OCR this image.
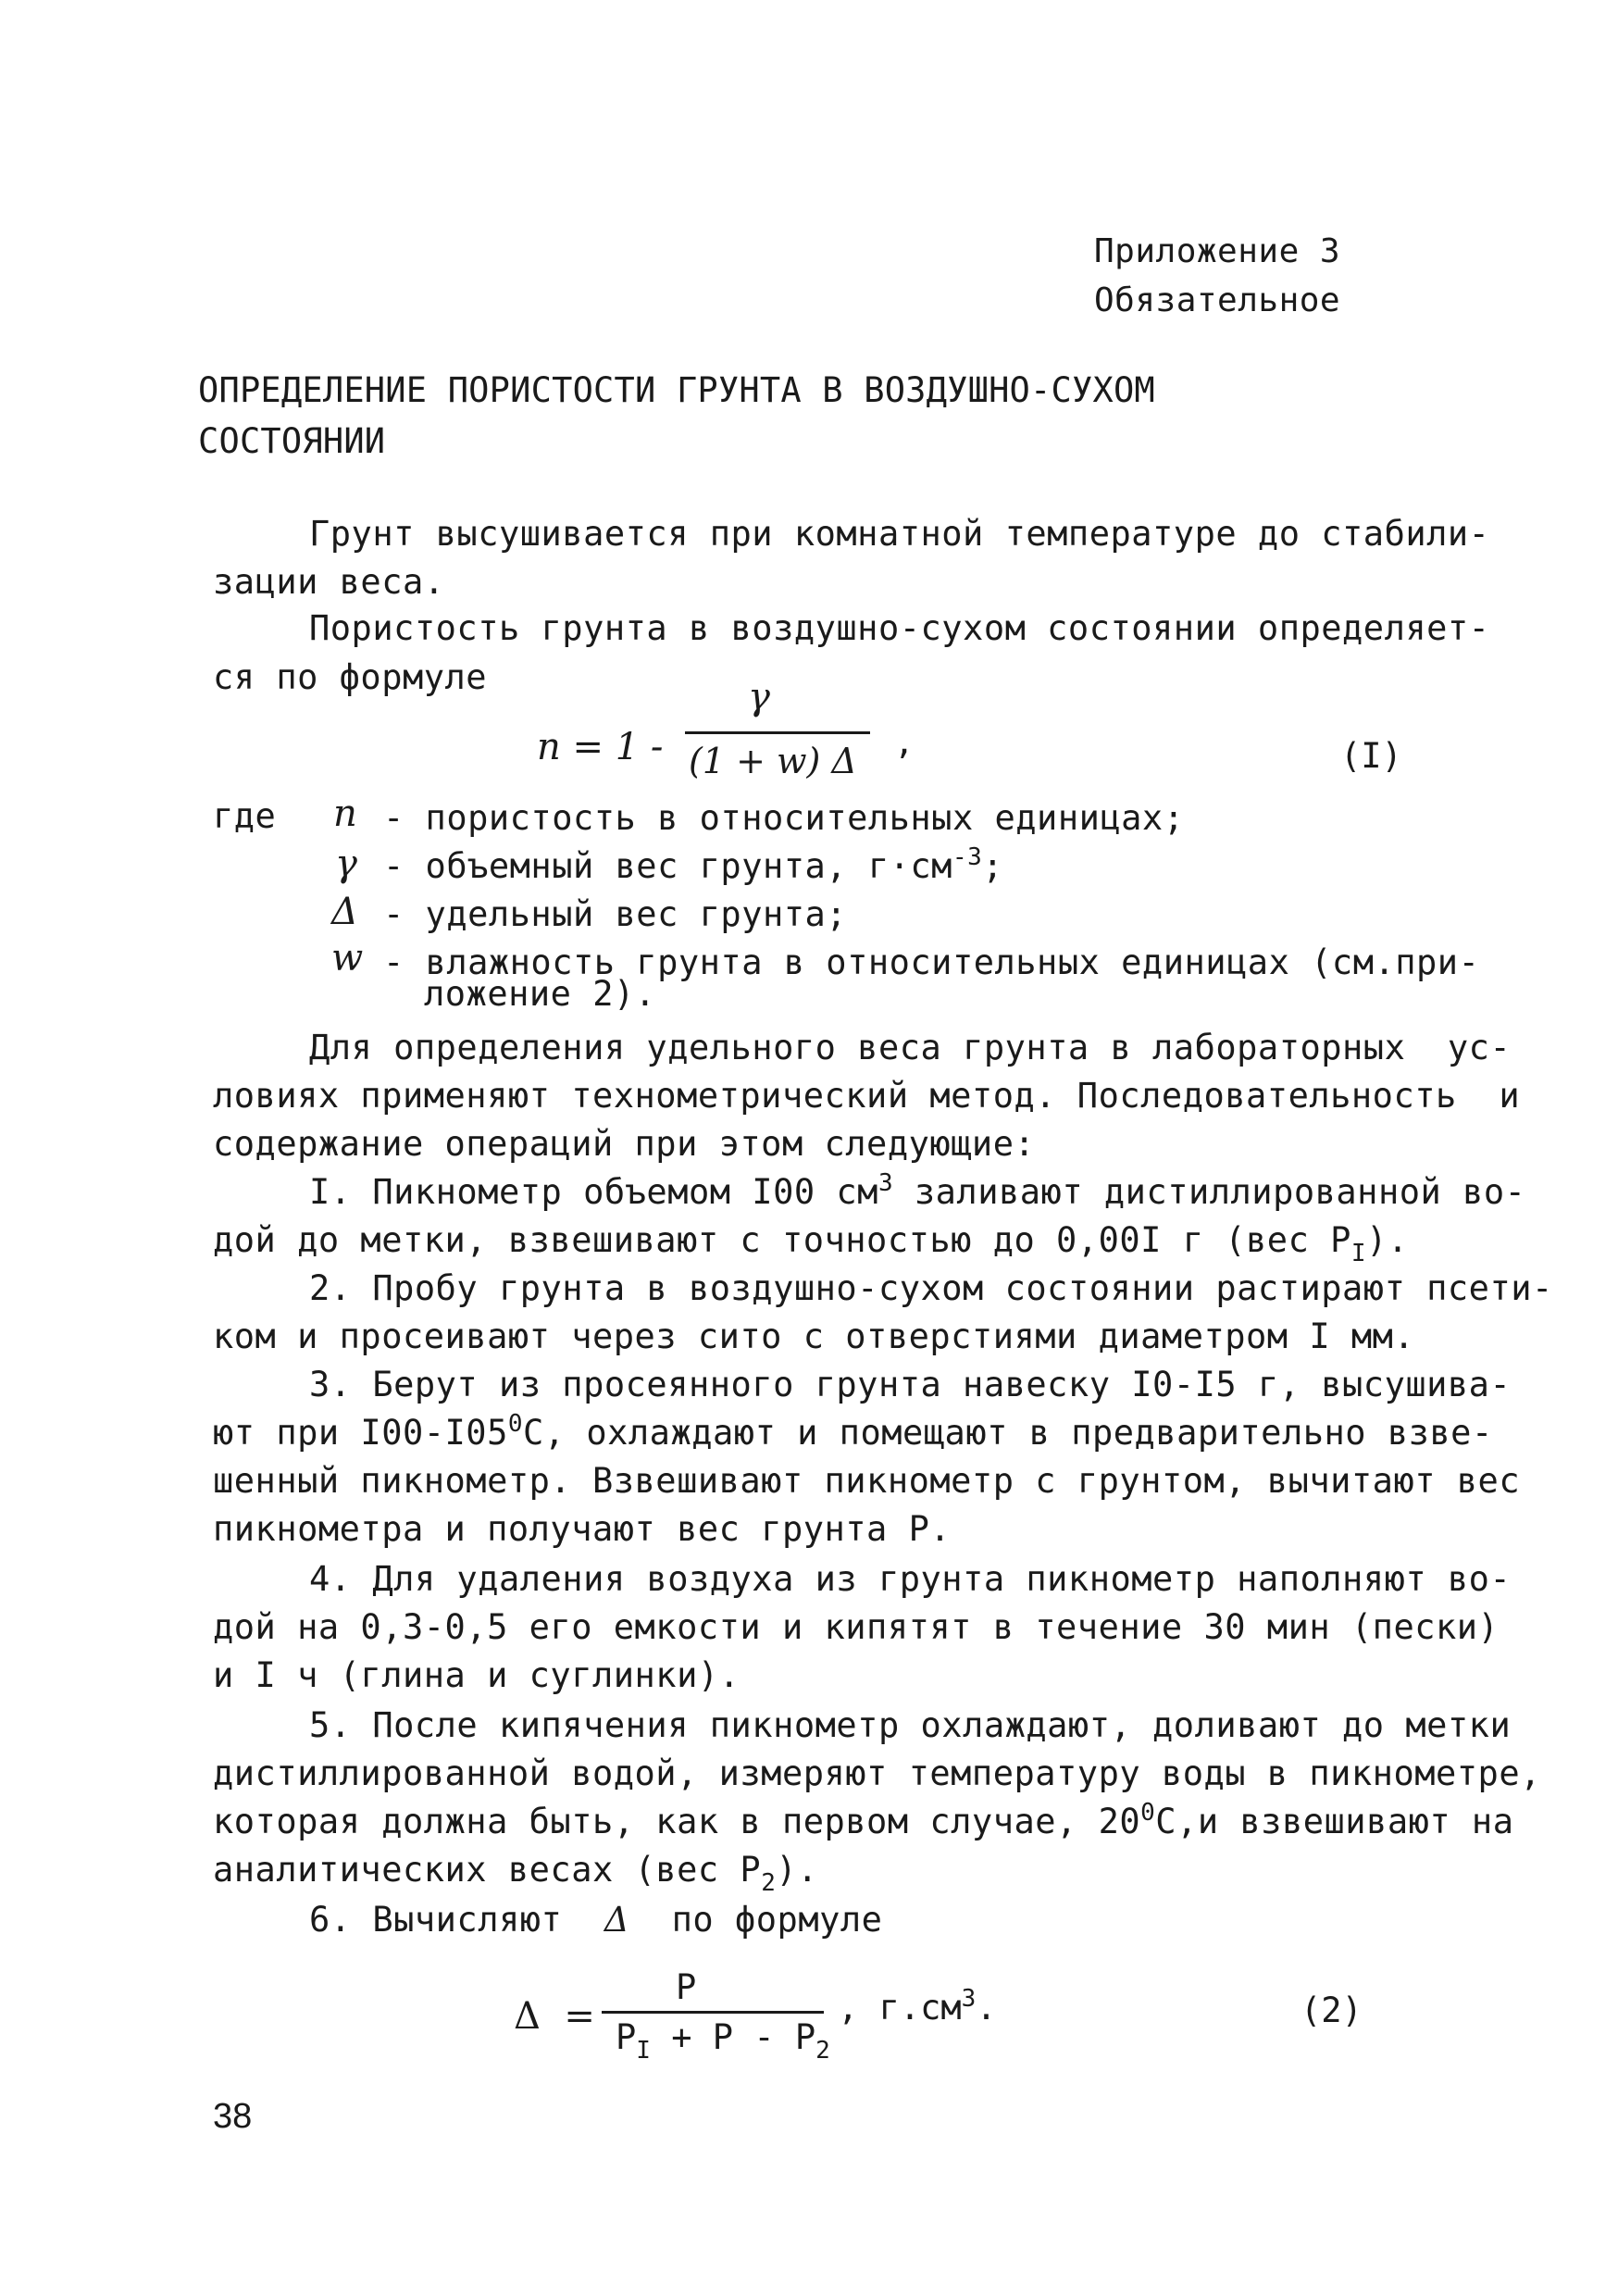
Приложение 3
Обязательное
ОПРЕДЕЛЕНИЕ ПОРИСТОСТИ ГРУНТА В ВОЗДУШНО-СУХОМ
СОСТОЯНИИ
Грунт высушивается при комнатной температуре до стабили-
зации веса.
Пористость грунта в воздушно-сухом состоянии определяет-
ся по формуле
n = 1 -
γ
(1 + w) Δ ,	(I)
где n - пористость в относительных единицах;
γ - объемный вес грунта, $г\cdot см^{-3}$;
Δ - удельный вес грунта;
w - влажность грунта в относительных единицах (см.при-
ложение 2).
Для определения удельного веса грунта в лабораторных  ус-
ловиях применяют технометрический метод. Последовательность  и
содержание операций при этом следующие:
I. Пикнометр объемом I00 $см^3$ заливают дистиллированной во-
дой до метки, взвешивают с точностью до 0,00I г (вес $P_I$).
2. Пробу грунта в воздушно-сухом состоянии растирают псети-
ком и просеивают через сито с отверстиями диаметром I мм.
3. Берут из просеянного грунта навеску I0-I5 г, высушива-
ют при $I00-I05^0С$, охлаждают и помещают в предварительно взве-
шенный пикнометр. Взвешивают пикнометр с грунтом, вычитают вес
пикнометра и получают вес грунта P.
4. Для удаления воздуха из грунта пикнометр наполняют во-
дой на 0,3-0,5 его емкости и кипятят в течение 30 мин (пески)
и I ч (глина и суглинки).
5. После кипячения пикнометр охлаждают, доливают до метки
дистиллированной водой, измеряют температуру воды в пикнометре,
которая должна быть, как в первом случае, $20^0С,и$ взвешивают на
аналитических весах (вес $P_2$).
6. Вычисляют  Δ  по формуле
Δ  =
P
$P_I + P - P_2$
, $г.см^3$.	(2)
38
